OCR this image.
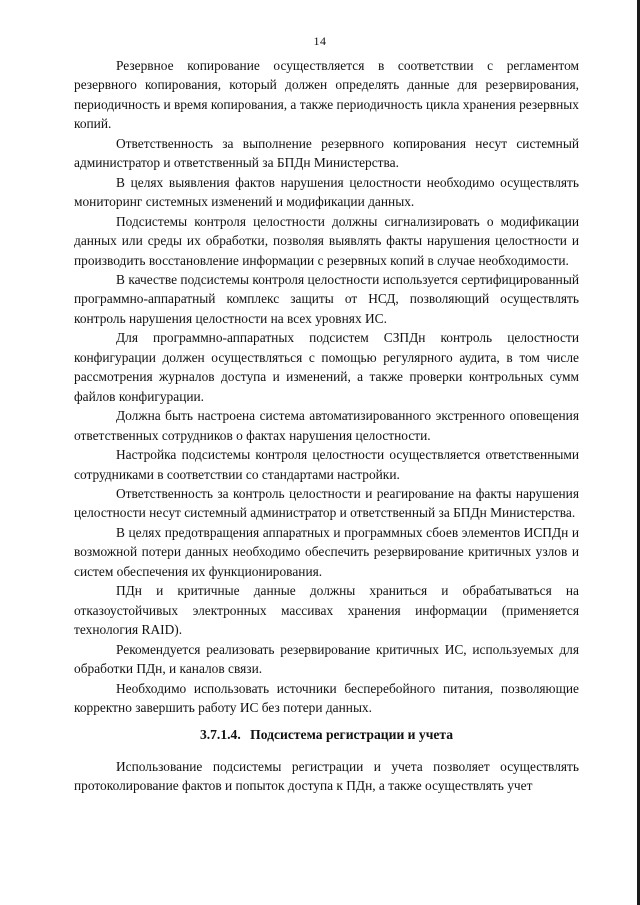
14

Резервное копирование осуществляется в соответствии с регламентом резервного копирования, который должен определять данные для резервирования, периодичность и время копирования, а также периодичность цикла хранения резервных копий.

Ответственность за выполнение резервного копирования несут системный администратор и ответственный за БПДн Министерства.

В целях выявления фактов нарушения целостности необходимо осуществлять мониторинг системных изменений и модификации данных.

Подсистемы контроля целостности должны сигнализировать о модификации данных или среды их обработки, позволяя выявлять факты нарушения целостности и производить восстановление информации с резервных копий в случае необходимости.

В качестве подсистемы контроля целостности используется сертифицированный программно-аппаратный комплекс защиты от НСД, позволяющий осуществлять контроль нарушения целостности на всех уровнях ИС.

Для программно-аппаратных подсистем СЗПДн контроль целостности конфигурации должен осуществляться с помощью регулярного аудита, в том числе рассмотрения журналов доступа и изменений, а также проверки контрольных сумм файлов конфигурации.

Должна быть настроена система автоматизированного экстренного оповещения ответственных сотрудников о фактах нарушения целостности.

Настройка подсистемы контроля целостности осуществляется ответственными сотрудниками в соответствии со стандартами настройки.

Ответственность за контроль целостности и реагирование на факты нарушения целостности несут системный администратор и ответственный за БПДн Министерства.

В целях предотвращения аппаратных и программных сбоев элементов ИСПДн и возможной потери данных необходимо обеспечить резервирование критичных узлов и систем обеспечения их функционирования.

ПДн и критичные данные должны храниться и обрабатываться на отказоустойчивых электронных массивах хранения информации (применяется технология RAID).

Рекомендуется реализовать резервирование критичных ИС, используемых для обработки ПДн, и каналов связи.

Необходимо использовать источники бесперебойного питания, позволяющие корректно завершить работу ИС без потери данных.

3.7.1.4. Подсистема регистрации и учета

Использование подсистемы регистрации и учета позволяет осуществлять протоколирование фактов и попыток доступа к ПДн, а также осуществлять учет
